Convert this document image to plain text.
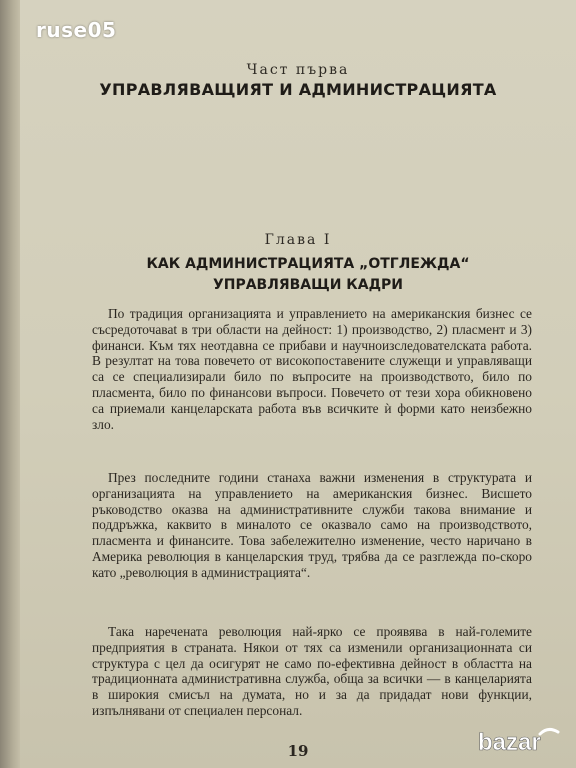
ruse05
Част първа
УПРАВЛЯВАЩИЯТ И АДМИНИСТРАЦИЯТА
Глава I
КАК АДМИНИСТРАЦИЯТА „ОТГЛЕЖДА“
УПРАВЛЯВАЩИ КАДРИ

По традиция организацията и управлението на американския бизнес се съсредоточаваt в три области на дейност: 1) производство, 2) пласмент и 3) финанси. Към тях неотдавна се прибави и научноизследователската работа. В резултат на това повечето от високопоставените служещи и управляващи са се специализирали било по въпросите на производството, било по пласмента, било по финансови въпроси. Повечето от тези хора обикновено са приемали канцеларската работа във всичките ѝ форми като неизбежно зло.

През последните години станаха важни изменения в структурата и организацията на управлението на американския бизнес. Висшето ръководство оказва на административните служби такова внимание и поддръжка, каквито в миналото се оказвало само на производството, пласмента и финансите. Това забележително изменение, често наричано в Америка революция в канцеларския труд, трябва да се разглежда по-скоро като „революция в администрацията“.

Така наречената революция най-ярко се проявява в най-големите предприятия в страната. Някои от тях са изменили организационната си структура с цел да осигурят не само по-ефективна дейност в областта на традиционната административна служба, обща за всички — в канцеларията в широкия смисъл на думата, но и за да придадат нови функции, изпълнявани от специален персонал.

19	bazar
